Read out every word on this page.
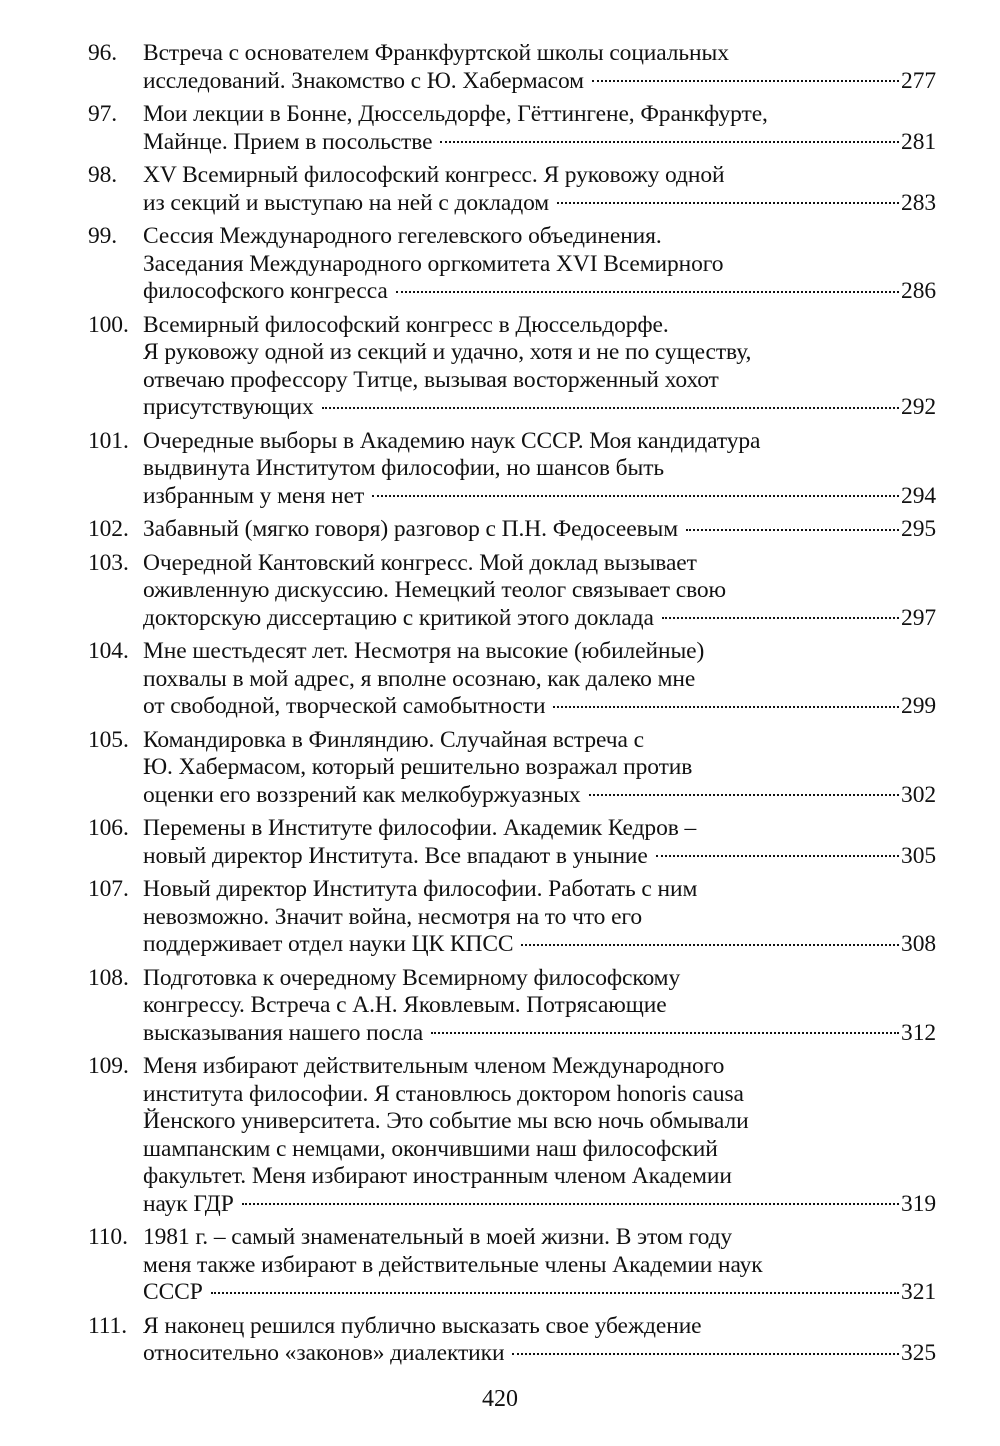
96.	Встреча с основателем Франкфуртской школы социальных
исследований. Знакомство с Ю. Хабермасом	277
97.	Мои лекции в Бонне, Дюссельдорфе, Гёттингене, Франкфурте,
Майнце. Прием в посольстве	281
98.	XV Всемирный философский конгресс. Я руковожу одной
из секций и выступаю на ней с докладом	283
99.	Сессия Международного гегелевского объединения.
Заседания Международного оргкомитета XVI Всемирного
философского конгресса	286
100. Всемирный философский конгресс в Дюссельдорфе.
Я руковожу одной из секций и удачно, хотя и не по существу,
отвечаю профессору Титце, вызывая восторженный хохот
присутствующих	292
101. Очередные выборы в Академию наук СССР. Моя кандидатура
выдвинута Институтом философии, но шансов быть
избранным у меня нет	294
102. Забавный (мягко говоря) разговор с П.Н. Федосеевым	295
103. Очередной Кантовский конгресс. Мой доклад вызывает
оживленную дискуссию. Немецкий теолог связывает свою
докторскую диссертацию с критикой этого доклада	297
104. Мне шестьдесят лет. Несмотря на высокие (юбилейные)
похвалы в мой адрес, я вполне осознаю, как далеко мне
от свободной, творческой самобытности	299
105. Командировка в Финляндию. Случайная встреча с
Ю. Хабермасом, который решительно возражал против
оценки его воззрений как мелкобуржуазных	302
106. Перемены в Институте философии. Академик Кедров –
новый директор Института. Все впадают в уныние	305
107. Новый директор Института философии. Работать с ним
невозможно. Значит война, несмотря на то что его
поддерживает отдел науки ЦК КПСС	308
108. Подготовка к очередному Всемирному философскому
конгрессу. Встреча с А.Н. Яковлевым. Потрясающие
высказывания нашего посла	312
109. Меня избирают действительным членом Международного
института философии. Я становлюсь доктором honoris causa
Йенского университета. Это событие мы всю ночь обмывали
шампанским с немцами, окончившими наш философский
факультет. Меня избирают иностранным членом Академии
наук ГДР	319
110. 1981 г. – самый знаменательный в моей жизни. В этом году
меня также избирают в действительные члены Академии наук
СССР	321
111. Я наконец решился публично высказать свое убеждение
относительно «законов» диалектики	325
420
